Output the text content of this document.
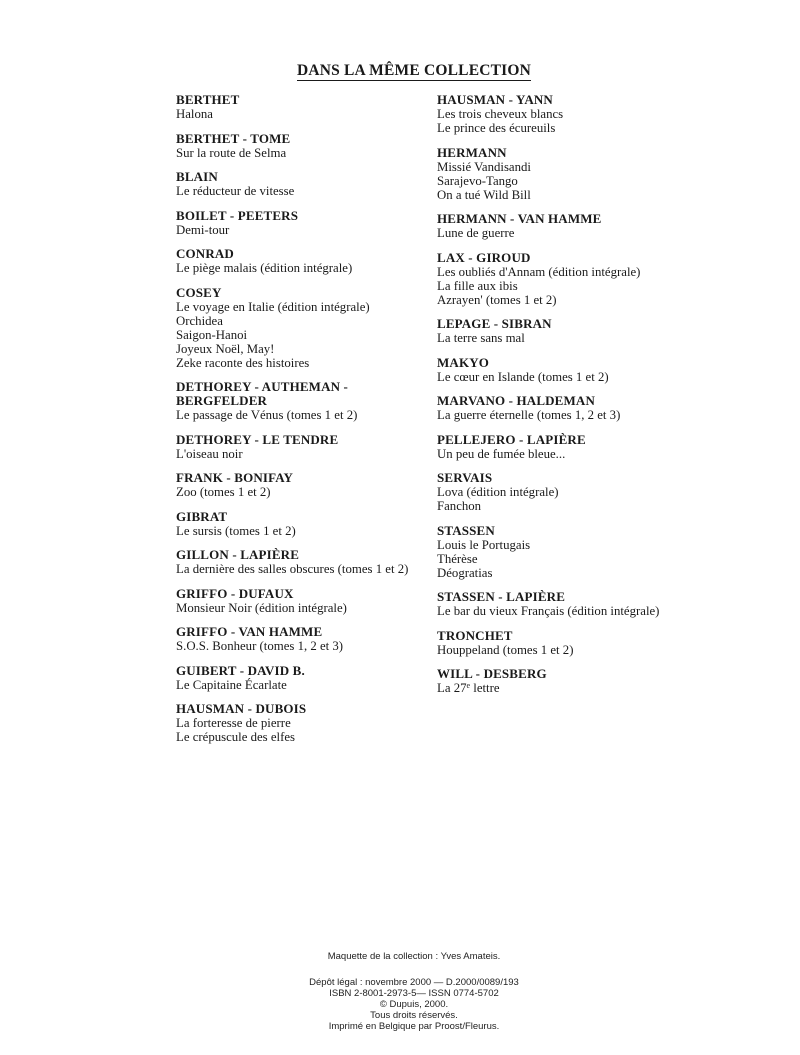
DANS LA MÊME COLLECTION
BERTHET
Halona
BERTHET - TOME
Sur la route de Selma
BLAIN
Le réducteur de vitesse
BOILET - PEETERS
Demi-tour
CONRAD
Le piège malais (édition intégrale)
COSEY
Le voyage en Italie (édition intégrale)
Orchidea
Saigon-Hanoi
Joyeux Noël, May!
Zeke raconte des histoires
DETHOREY - AUTHEMAN - BERGFELDER
Le passage de Vénus (tomes 1 et 2)
DETHOREY - LE TENDRE
L'oiseau noir
FRANK - BONIFAY
Zoo (tomes 1 et 2)
GIBRAT
Le sursis (tomes 1 et 2)
GILLON - LAPIÈRE
La dernière des salles obscures (tomes 1 et 2)
GRIFFO - DUFAUX
Monsieur Noir (édition intégrale)
GRIFFO - VAN HAMME
S.O.S. Bonheur (tomes 1, 2 et 3)
GUIBERT - DAVID B.
Le Capitaine Écarlate
HAUSMAN - DUBOIS
La forteresse de pierre
Le crépuscule des elfes
HAUSMAN - YANN
Les trois cheveux blancs
Le prince des écureuils
HERMANN
Missié Vandisandi
Sarajevo-Tango
On a tué Wild Bill
HERMANN - VAN HAMME
Lune de guerre
LAX - GIROUD
Les oubliés d'Annam (édition intégrale)
La fille aux ibis
Azrayen' (tomes 1 et 2)
LEPAGE - SIBRAN
La terre sans mal
MAKYO
Le cœur en Islande (tomes 1 et 2)
MARVANO - HALDEMAN
La guerre éternelle (tomes 1, 2 et 3)
PELLEJERO - LAPIÈRE
Un peu de fumée bleue...
SERVAIS
Lova (édition intégrale)
Fanchon
STASSEN
Louis le Portugais
Thérèse
Déogratias
STASSEN - LAPIÈRE
Le bar du vieux Français (édition intégrale)
TRONCHET
Houppeland (tomes 1 et 2)
WILL - DESBERG
La 27e lettre
Maquette de la collection : Yves Amateis.
Dépôt légal : novembre 2000 — D.2000/0089/193
ISBN 2-8001-2973-5— ISSN 0774-5702
© Dupuis, 2000.
Tous droits réservés.
Imprimé en Belgique par Proost/Fleurus.
